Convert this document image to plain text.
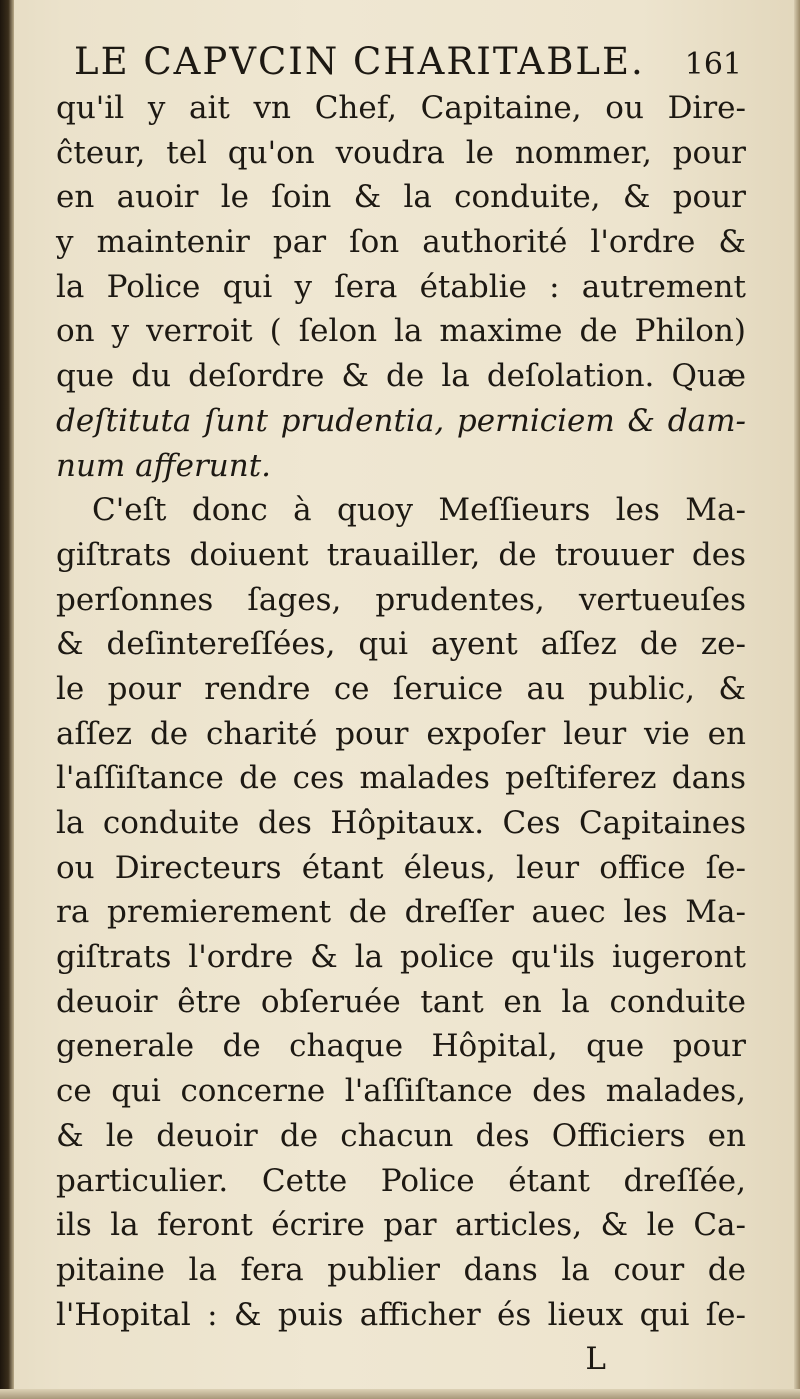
LE CAPVCIN CHARITABLE. 161
qu'il y ait vn Chef, Capitaine, ou Dire-
ĉteur, tel qu'on voudra le nommer, pour
en auoir le ſoin & la conduite, & pour
y maintenir par ſon authorité l'ordre &
la Police qui y ſera établie : autrement
on y verroit ( ſelon la maxime de Philon)
que du deſordre & de la deſolation. Quæ
deſtituta ſunt prudentia, perniciem & dam-
num afferunt.
C'eſt donc à quoy Meſſieurs les Ma-
giſtrats doiuent trauailler, de trouuer des
perſonnes ſages, prudentes, vertueuſes
& deſintereſſées, qui ayent aſſez de ze-
le pour rendre ce ſeruice au public, &
aſſez de charité pour expoſer leur vie en
l'aſſiſtance de ces malades peſtiferez dans
la conduite des Hôpitaux. Ces Capitaines
ou Directeurs étant éleus, leur office ſe-
ra premierement de dreſſer auec les Ma-
giſtrats l'ordre & la police qu'ils iugeront
deuoir être obſeruée tant en la conduite
generale de chaque Hôpital, que pour
ce qui concerne l'aſſiſtance des malades,
& le deuoir de chacun des Officiers en
particulier. Cette Police étant dreſſée,
ils la feront écrire par articles, & le Ca-
pitaine la fera publier dans la cour de
l'Hopital : & puis afficher és lieux qui ſe-
L
